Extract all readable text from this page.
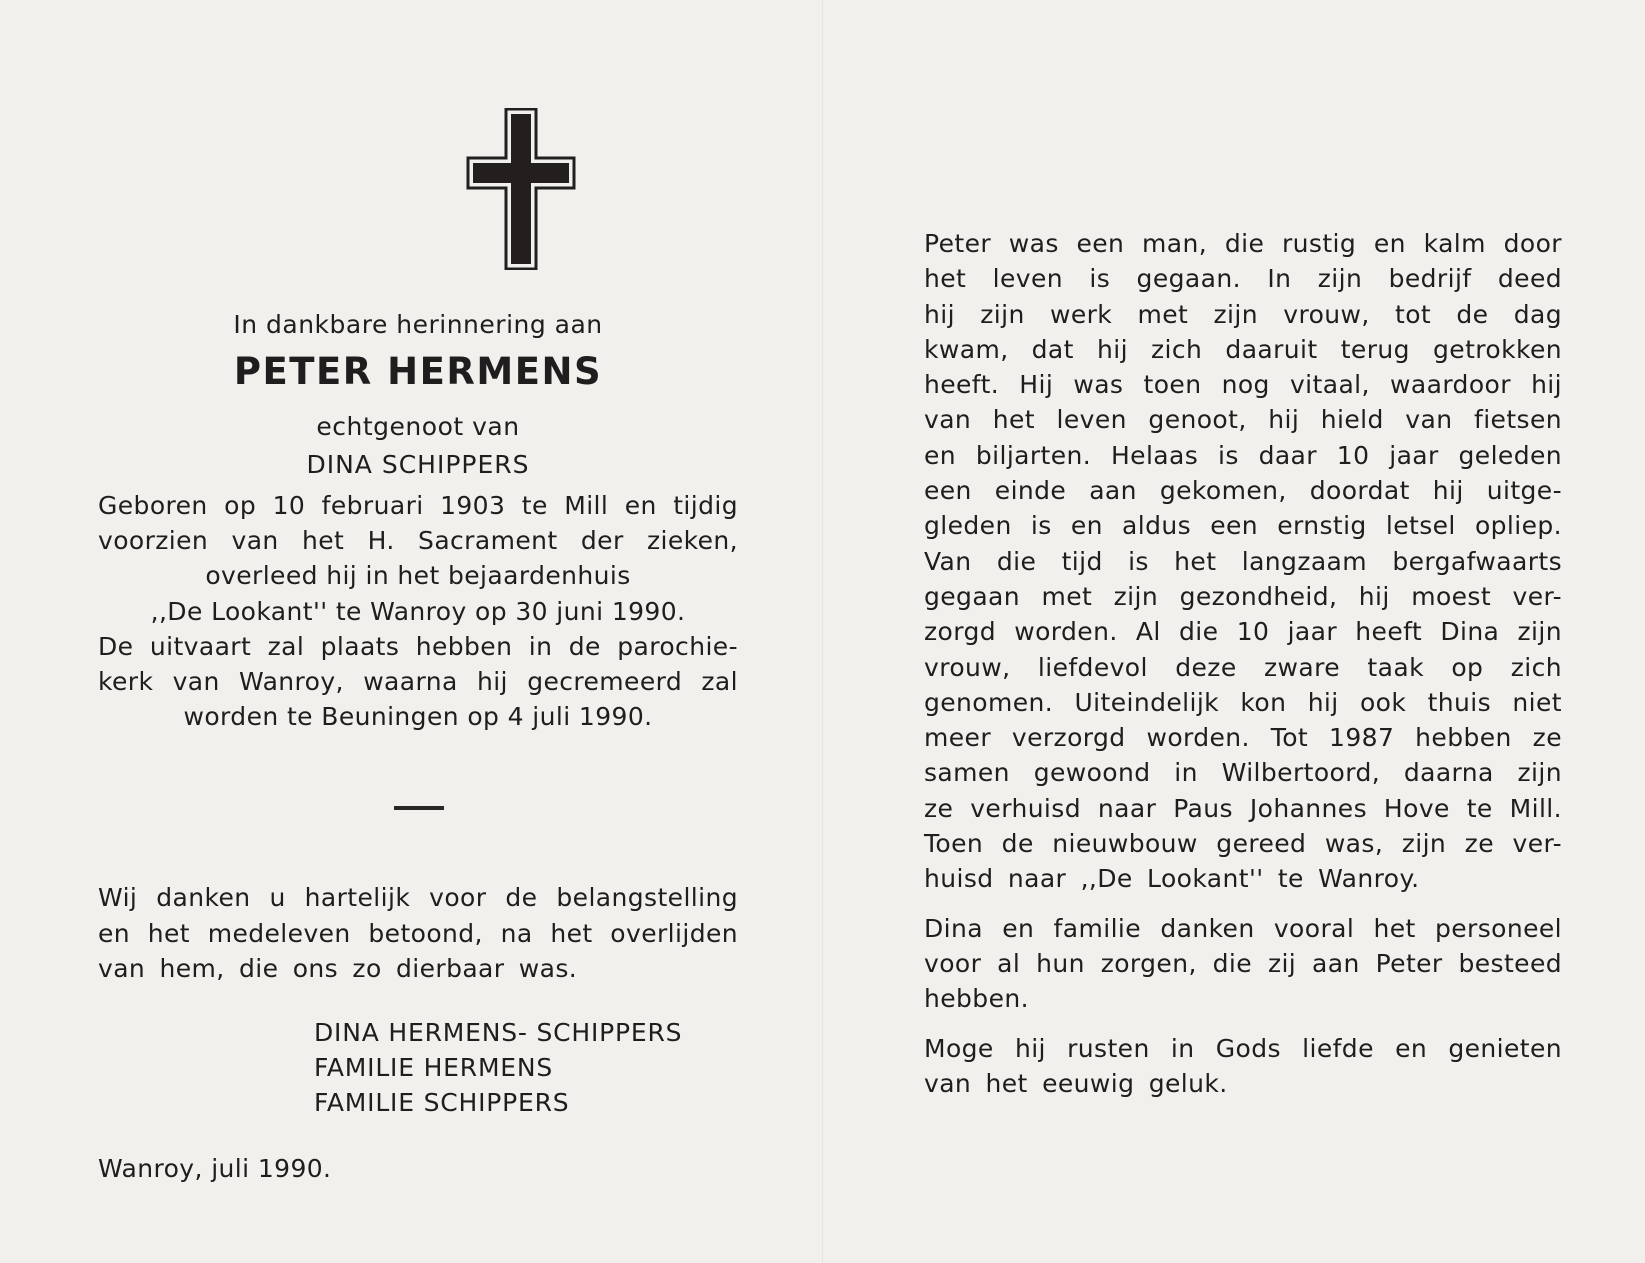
In dankbare herinnering aan
PETER HERMENS
echtgenoot van
DINA SCHIPPERS
Geboren op 10 februari 1903 te Mill en tijdig
voorzien van het H. Sacrament der zieken,
overleed hij in het bejaardenhuis
,,De Lookant'' te Wanroy op 30 juni 1990.
De uitvaart zal plaats hebben in de parochie-
kerk van Wanroy, waarna hij gecremeerd zal
worden te Beuningen op 4 juli 1990.
Wij danken u hartelijk voor de belangstelling
en het medeleven betoond, na het overlijden
van hem, die ons zo dierbaar was.
DINA HERMENS- SCHIPPERS
FAMILIE HERMENS
FAMILIE SCHIPPERS
Wanroy, juli 1990.
Peter was een man, die rustig en kalm door
het leven is gegaan. In zijn bedrijf deed
hij zijn werk met zijn vrouw, tot de dag
kwam, dat hij zich daaruit terug getrokken
heeft. Hij was toen nog vitaal, waardoor hij
van het leven genoot, hij hield van fietsen
en biljarten. Helaas is daar 10 jaar geleden
een einde aan gekomen, doordat hij uitge-
gleden is en aldus een ernstig letsel opliep.
Van die tijd is het langzaam bergafwaarts
gegaan met zijn gezondheid, hij moest ver-
zorgd worden. Al die 10 jaar heeft Dina zijn
vrouw, liefdevol deze zware taak op zich
genomen. Uiteindelijk kon hij ook thuis niet
meer verzorgd worden. Tot 1987 hebben ze
samen gewoond in Wilbertoord, daarna zijn
ze verhuisd naar Paus Johannes Hove te Mill.
Toen de nieuwbouw gereed was, zijn ze ver-
huisd naar ,,De Lookant'' te Wanroy.
Dina en familie danken vooral het personeel
voor al hun zorgen, die zij aan Peter besteed
hebben.
Moge hij rusten in Gods liefde en genieten
van het eeuwig geluk.
